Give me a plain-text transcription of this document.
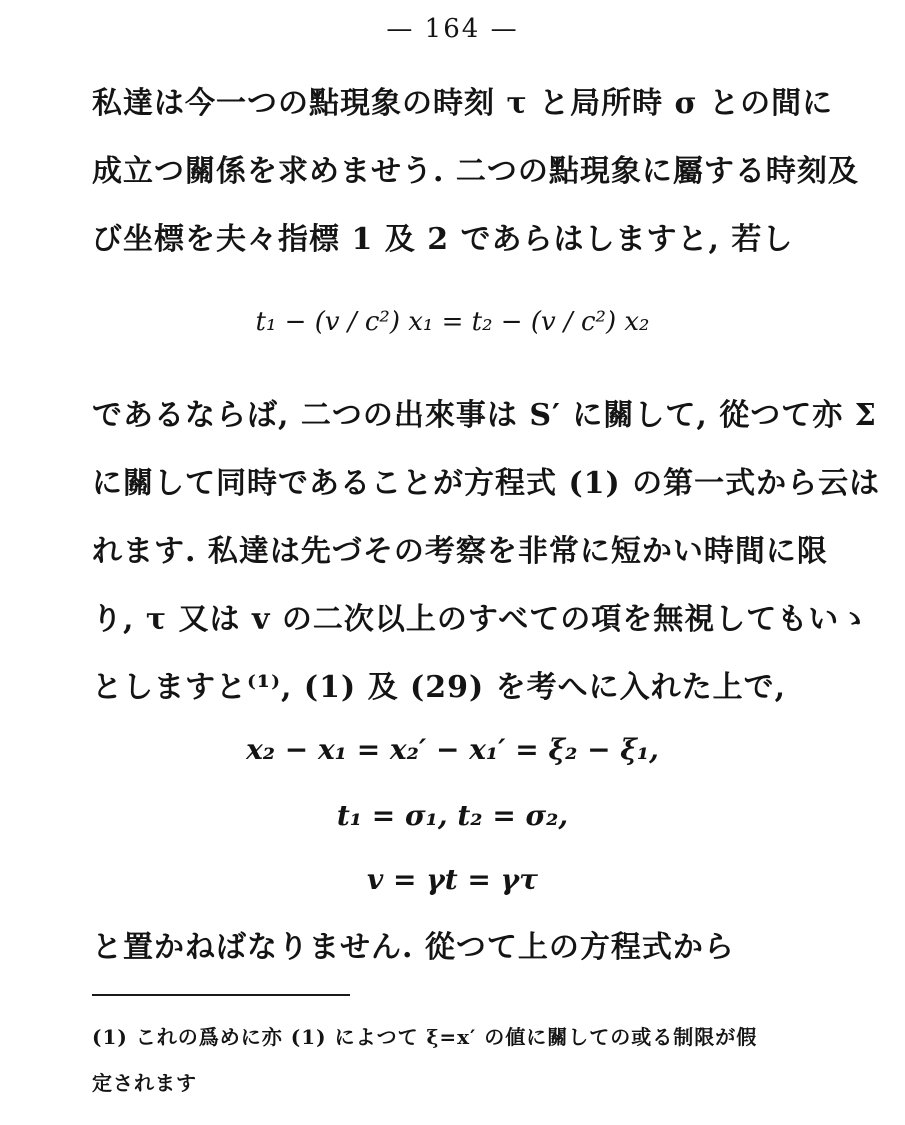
— 164 —
私達は今一つの點現象の時刻 τ と局所時 σ との間に
成立つ關係を求めませう. 二つの點現象に屬する時刻及
び坐標を夫々指標 1 及 2 であらはしますと, 若し
t₁ − (v / c²) x₁ = t₂ − (v / c²) x₂
であるならば, 二つの出來事は S′ に關して, 從つて亦 Σ
に關して同時であることが方程式 (1) の第一式から云は
れます. 私達は先づその考察を非常に短かい時間に限
り, τ 又は v の二次以上のすべての項を無視してもいゝ
としますと⁽¹⁾, (1) 及 (29) を考へに入れた上で,
x₂ − x₁ = x₂′ − x₁′ = ξ₂ − ξ₁,
t₁ = σ₁, t₂ = σ₂,
v = γt = γτ
と置かねばなりません. 從つて上の方程式から
(1) これの爲めに亦 (1) によつて ξ=x′ の値に關しての或る制限が假
定されます
